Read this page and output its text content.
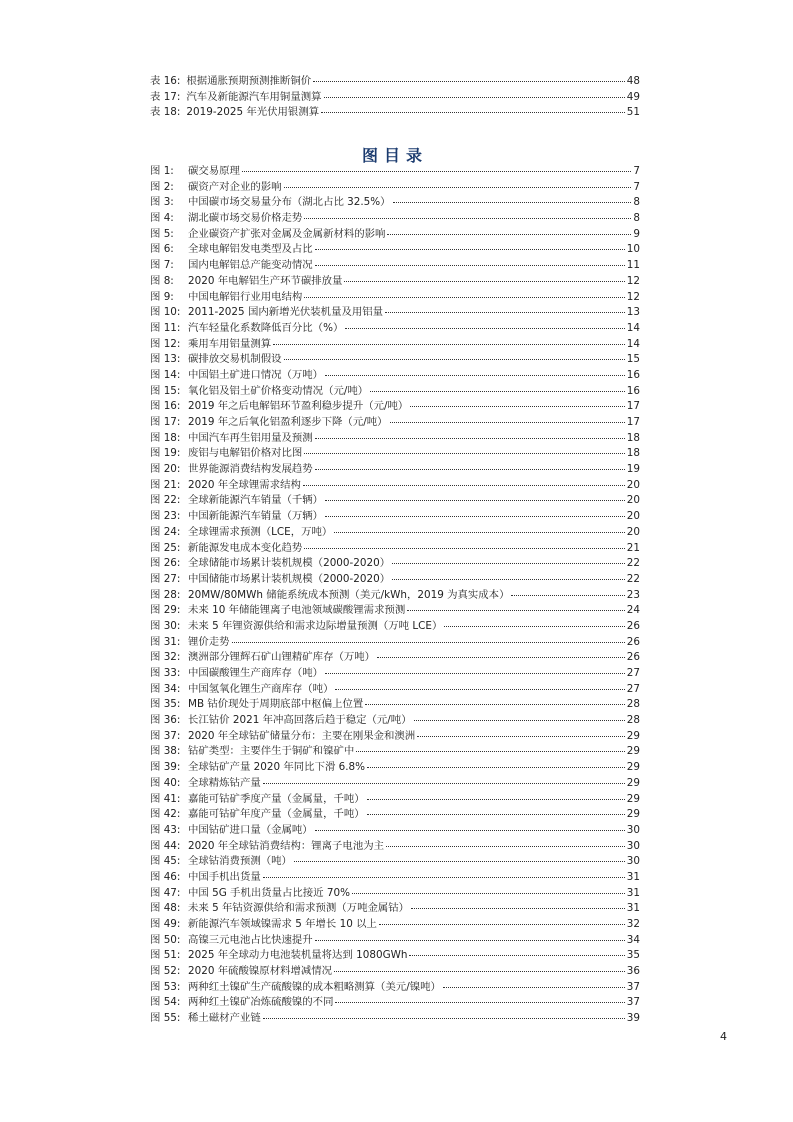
表 16: 根据通胀预期预测推断铜价	48
表 17: 汽车及新能源汽车用铜量测算	49
表 18: 2019-2025 年光伏用银测算	51
图目录
图 1:	碳交易原理	7
图 2:	碳资产对企业的影响	7
图 3:	中国碳市场交易量分布（湖北占比 32.5%）	8
图 4:	湖北碳市场交易价格走势	8
图 5:	企业碳资产扩张对金属及金属新材料的影响	9
图 6:	全球电解铝发电类型及占比	10
图 7:	国内电解铝总产能变动情况	11
图 8:	2020 年电解铝生产环节碳排放量	12
图 9:	中国电解铝行业用电结构	12
图 10: 2011-2025 国内新增光伏装机量及用铝量	13
图 11: 汽车轻量化系数降低百分比（%）	14
图 12: 乘用车用铝量测算	14
图 13: 碳排放交易机制假设	15
图 14: 中国铝土矿进口情况（万吨）	16
图 15: 氧化铝及铝土矿价格变动情况（元/吨）	16
图 16: 2019 年之后电解铝环节盈利稳步提升（元/吨）	17
图 17: 2019 年之后氧化铝盈利逐步下降（元/吨）	17
图 18: 中国汽车再生铝用量及预测	18
图 19: 废铝与电解铝价格对比图	18
图 20: 世界能源消费结构发展趋势	19
图 21: 2020 年全球锂需求结构	20
图 22: 全球新能源汽车销量（千辆）	20
图 23: 中国新能源汽车销量（万辆）	20
图 24: 全球锂需求预测（LCE，万吨）	20
图 25: 新能源发电成本变化趋势	21
图 26: 全球储能市场累计装机规模（2000-2020）	22
图 27: 中国储能市场累计装机规模（2000-2020）	22
图 28: 20MW/80MWh 储能系统成本预测（美元/kWh，2019 为真实成本）	23
图 29: 未来 10 年储能锂离子电池领域碳酸锂需求预测	24
图 30: 未来 5 年锂资源供给和需求边际增量预测（万吨 LCE）	26
图 31: 锂价走势	26
图 32: 澳洲部分锂辉石矿山锂精矿库存（万吨）	26
图 33: 中国碳酸锂生产商库存（吨）	27
图 34: 中国氢氧化锂生产商库存（吨）	27
图 35: MB 钴价现处于周期底部中枢偏上位置	28
图 36: 长江钴价 2021 年冲高回落后趋于稳定（元/吨）	28
图 37: 2020 年全球钴矿储量分布：主要在刚果金和澳洲	29
图 38: 钴矿类型：主要伴生于铜矿和镍矿中	29
图 39: 全球钴矿产量 2020 年同比下滑 6.8%	29
图 40: 全球精炼钴产量	29
图 41: 嘉能可钴矿季度产量（金属量，千吨）	29
图 42: 嘉能可钴矿年度产量（金属量，千吨）	29
图 43: 中国钴矿进口量（金属吨）	30
图 44: 2020 年全球钴消费结构：锂离子电池为主	30
图 45: 全球钴消费预测（吨）	30
图 46: 中国手机出货量	31
图 47: 中国 5G 手机出货量占比接近 70%	31
图 48: 未来 5 年钴资源供给和需求预测（万吨金属钴）	31
图 49: 新能源汽车领域镍需求 5 年增长 10 以上	32
图 50: 高镍三元电池占比快速提升	34
图 51: 2025 年全球动力电池装机量将达到 1080GWh	35
图 52: 2020 年硫酸镍原材料增减情况	36
图 53: 两种红土镍矿生产硫酸镍的成本粗略测算（美元/镍吨）	37
图 54: 两种红土镍矿冶炼硫酸镍的不同	37
图 55: 稀土磁材产业链	39
4
